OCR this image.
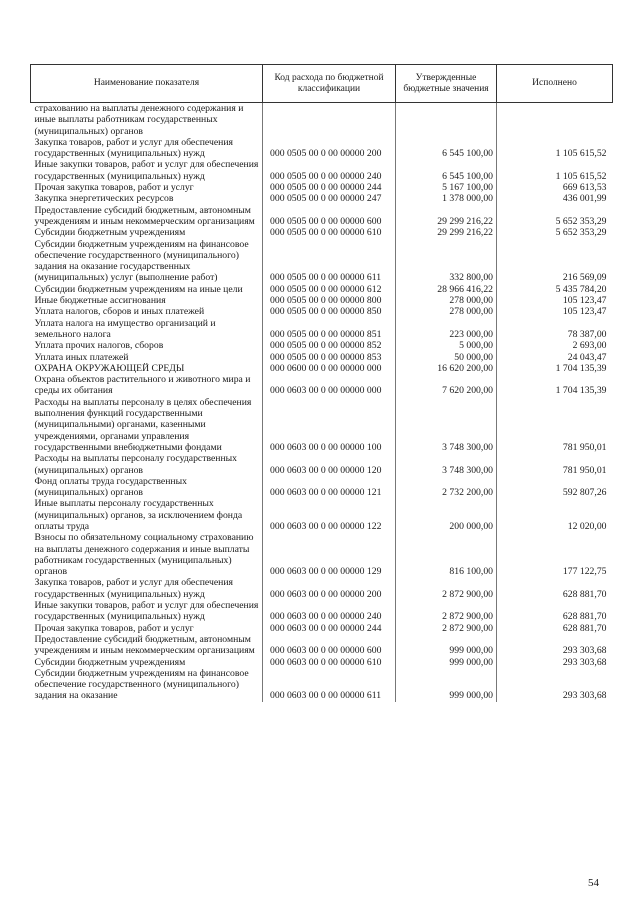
Наименование показателя	Код расхода по бюджетной классификации	Утвержденные бюджетные значения	Исполнено
страхованию на выплаты денежного содержания и иные выплаты работникам государственных (муниципальных) органов			
Закупка товаров, работ и услуг для обеспечения государственных (муниципальных) нужд	000 0505 00 0 00 00000 200	6 545 100,00	1 105 615,52
Иные закупки товаров, работ и услуг для обеспечения государственных (муниципальных) нужд	000 0505 00 0 00 00000 240	6 545 100,00	1 105 615,52
Прочая закупка товаров, работ и услуг	000 0505 00 0 00 00000 244	5 167 100,00	669 613,53
Закупка энергетических ресурсов	000 0505 00 0 00 00000 247	1 378 000,00	436 001,99
Предоставление субсидий бюджетным, автономным учреждениям и иным некоммерческим организациям	000 0505 00 0 00 00000 600	29 299 216,22	5 652 353,29
Субсидии бюджетным учреждениям	000 0505 00 0 00 00000 610	29 299 216,22	5 652 353,29
Субсидии бюджетным учреждениям на финансовое обеспечение государственного (муниципального) задания на оказание государственных (муниципальных) услуг (выполнение работ)	000 0505 00 0 00 00000 611	332 800,00	216 569,09
Субсидии бюджетным учреждениям на иные цели	000 0505 00 0 00 00000 612	28 966 416,22	5 435 784,20
Иные бюджетные ассигнования	000 0505 00 0 00 00000 800	278 000,00	105 123,47
Уплата налогов, сборов и иных платежей	000 0505 00 0 00 00000 850	278 000,00	105 123,47
Уплата налога на имущество организаций и земельного налога	000 0505 00 0 00 00000 851	223 000,00	78 387,00
Уплата прочих налогов, сборов	000 0505 00 0 00 00000 852	5 000,00	2 693,00
Уплата иных платежей	000 0505 00 0 00 00000 853	50 000,00	24 043,47
ОХРАНА ОКРУЖАЮЩЕЙ СРЕДЫ	000 0600 00 0 00 00000 000	16 620 200,00	1 704 135,39
Охрана объектов растительного и животного мира и среды их обитания	000 0603 00 0 00 00000 000	7 620 200,00	1 704 135,39
Расходы на выплаты персоналу в целях обеспечения выполнения функций государственными (муниципальными) органами, казенными учреждениями, органами управления государственными внебюджетными фондами	000 0603 00 0 00 00000 100	3 748 300,00	781 950,01
Расходы на выплаты персоналу государственных (муниципальных) органов	000 0603 00 0 00 00000 120	3 748 300,00	781 950,01
Фонд оплаты труда государственных (муниципальных) органов	000 0603 00 0 00 00000 121	2 732 200,00	592 807,26
Иные выплаты персоналу государственных (муниципальных) органов, за исключением фонда оплаты труда	000 0603 00 0 00 00000 122	200 000,00	12 020,00
Взносы по обязательному социальному страхованию на выплаты денежного содержания и иные выплаты работникам государственных (муниципальных) органов	000 0603 00 0 00 00000 129	816 100,00	177 122,75
Закупка товаров, работ и услуг для обеспечения государственных (муниципальных) нужд	000 0603 00 0 00 00000 200	2 872 900,00	628 881,70
Иные закупки товаров, работ и услуг для обеспечения государственных (муниципальных) нужд	000 0603 00 0 00 00000 240	2 872 900,00	628 881,70
Прочая закупка товаров, работ и услуг	000 0603 00 0 00 00000 244	2 872 900,00	628 881,70
Предоставление субсидий бюджетным, автономным учреждениям и иным некоммерческим организациям	000 0603 00 0 00 00000 600	999 000,00	293 303,68
Субсидии бюджетным учреждениям	000 0603 00 0 00 00000 610	999 000,00	293 303,68
Субсидии бюджетным учреждениям на финансовое обеспечение государственного (муниципального) задания на оказание	000 0603 00 0 00 00000 611	999 000,00	293 303,68
54
